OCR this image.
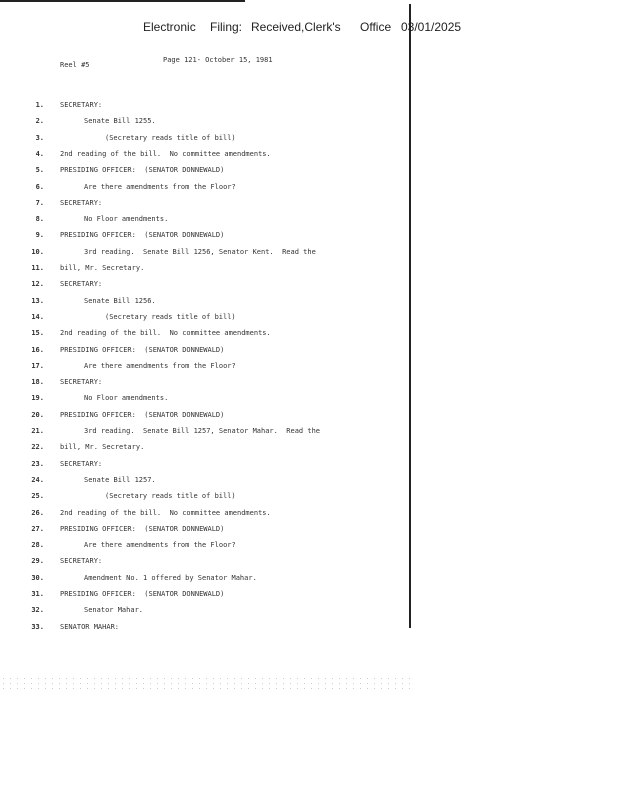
Electronic Filing: Received,Clerk's Office 03/01/2025
Reel #5
Page 121- October 15, 1981
1. SECRETARY:
2.	Senate Bill 1255.
3.	(Secretary reads title of bill)
4. 2nd reading of the bill.  No committee amendments.
5. PRESIDING OFFICER:  (SENATOR DONNEWALD)
6.	Are there amendments from the Floor?
7. SECRETARY:
8.	No Floor amendments.
9. PRESIDING OFFICER:  (SENATOR DONNEWALD)
10.	3rd reading.  Senate Bill 1256, Senator Kent.  Read the
11. bill, Mr. Secretary.
12. SECRETARY:
13.	Senate Bill 1256.
14.	(Secretary reads title of bill)
15. 2nd reading of the bill.  No committee amendments.
16. PRESIDING OFFICER:  (SENATOR DONNEWALD)
17.	Are there amendments from the Floor?
18. SECRETARY:
19.	No Floor amendments.
20. PRESIDING OFFICER:  (SENATOR DONNEWALD)
21.	3rd reading.  Senate Bill 1257, Senator Mahar.  Read the
22. bill, Mr. Secretary.
23. SECRETARY:
24.	Senate Bill 1257.
25.	(Secretary reads title of bill)
26. 2nd reading of the bill.  No committee amendments.
27. PRESIDING OFFICER:  (SENATOR DONNEWALD)
28.	Are there amendments from the Floor?
29. SECRETARY:
30.	Amendment No. 1 offered by Senator Mahar.
31. PRESIDING OFFICER:  (SENATOR DONNEWALD)
32.	Senator Mahar.
33. SENATOR MAHAR:
